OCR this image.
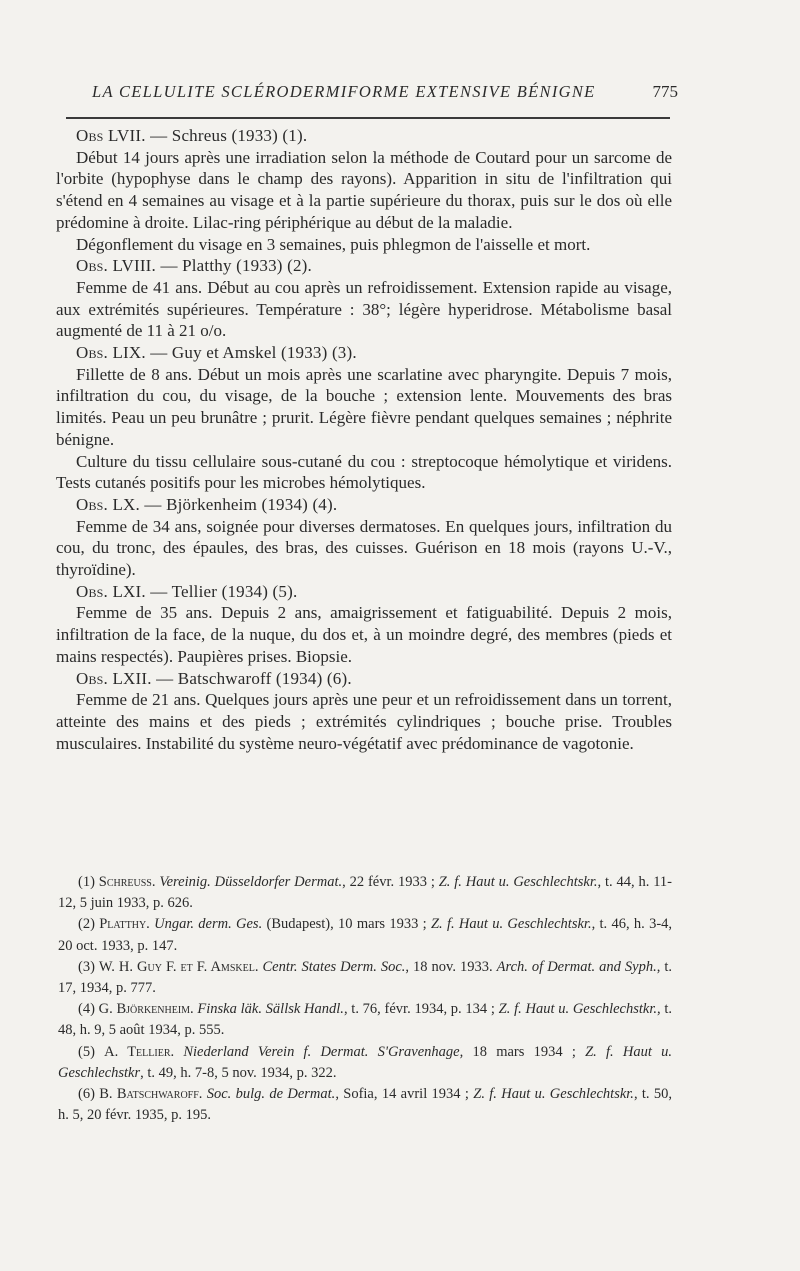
LA CELLULITE SCLÉRODERMIFORME EXTENSIVE BÉNIGNE	775

Obs LVII. — Schreus (1933) (1).

Début 14 jours après une irradiation selon la méthode de Coutard pour un sarcome de l'orbite (hypophyse dans le champ des rayons). Apparition in situ de l'infiltration qui s'étend en 4 semaines au visage et à la partie supérieure du thorax, puis sur le dos où elle prédomine à droite. Lilac-ring périphérique au début de la maladie.

Dégonflement du visage en 3 semaines, puis phlegmon de l'aisselle et mort.

Obs. LVIII. — Platthy (1933) (2).

Femme de 41 ans. Début au cou après un refroidissement. Extension rapide au visage, aux extrémités supérieures. Température : 38°; légère hyperidrose. Métabolisme basal augmenté de 11 à 21 o/o.

Obs. LIX. — Guy et Amskel (1933) (3).

Fillette de 8 ans. Début un mois après une scarlatine avec pharyngite. Depuis 7 mois, infiltration du cou, du visage, de la bouche ; extension lente. Mouvements des bras limités. Peau un peu brunâtre ; prurit. Légère fièvre pendant quelques semaines ; néphrite bénigne.

Culture du tissu cellulaire sous-cutané du cou : streptocoque hémolytique et viridens. Tests cutanés positifs pour les microbes hémolytiques.

Obs. LX. — Björkenheim (1934) (4).

Femme de 34 ans, soignée pour diverses dermatoses. En quelques jours, infiltration du cou, du tronc, des épaules, des bras, des cuisses. Guérison en 18 mois (rayons U.-V., thyroïdine).

Obs. LXI. — Tellier (1934) (5).

Femme de 35 ans. Depuis 2 ans, amaigrissement et fatiguabilité. Depuis 2 mois, infiltration de la face, de la nuque, du dos et, à un moindre degré, des membres (pieds et mains respectés). Paupières prises. Biopsie.

Obs. LXII. — Batschwaroff (1934) (6).

Femme de 21 ans. Quelques jours après une peur et un refroidissement dans un torrent, atteinte des mains et des pieds ; extrémités cylindriques ; bouche prise. Troubles musculaires. Instabilité du système neuro-végétatif avec prédominance de vagotonie.

(1) Schreuss. Vereinig. Düsseldorfer Dermat., 22 févr. 1933 ; Z. f. Haut u. Geschlechtskr., t. 44, h. 11-12, 5 juin 1933, p. 626.

(2) Platthy. Ungar. derm. Ges. (Budapest), 10 mars 1933 ; Z. f. Haut u. Geschlechtskr., t. 46, h. 3-4, 20 oct. 1933, p. 147.

(3) W. H. Guy F. et F. Amskel. Centr. States Derm. Soc., 18 nov. 1933. Arch. of Dermat. and Syph., t. 17, 1934, p. 777.

(4) G. Björkenheim. Finska läk. Sällsk Handl., t. 76, févr. 1934, p. 134 ; Z. f. Haut u. Geschlechstkr., t. 48, h. 9, 5 août 1934, p. 555.

(5) A. Tellier. Niederland Verein f. Dermat. S'Gravenhage, 18 mars 1934 ; Z. f. Haut u. Geschlechstkr, t. 49, h. 7-8, 5 nov. 1934, p. 322.

(6) B. Batschwaroff. Soc. bulg. de Dermat., Sofia, 14 avril 1934 ; Z. f. Haut u. Geschlechtskr., t. 50, h. 5, 20 févr. 1935, p. 195.
